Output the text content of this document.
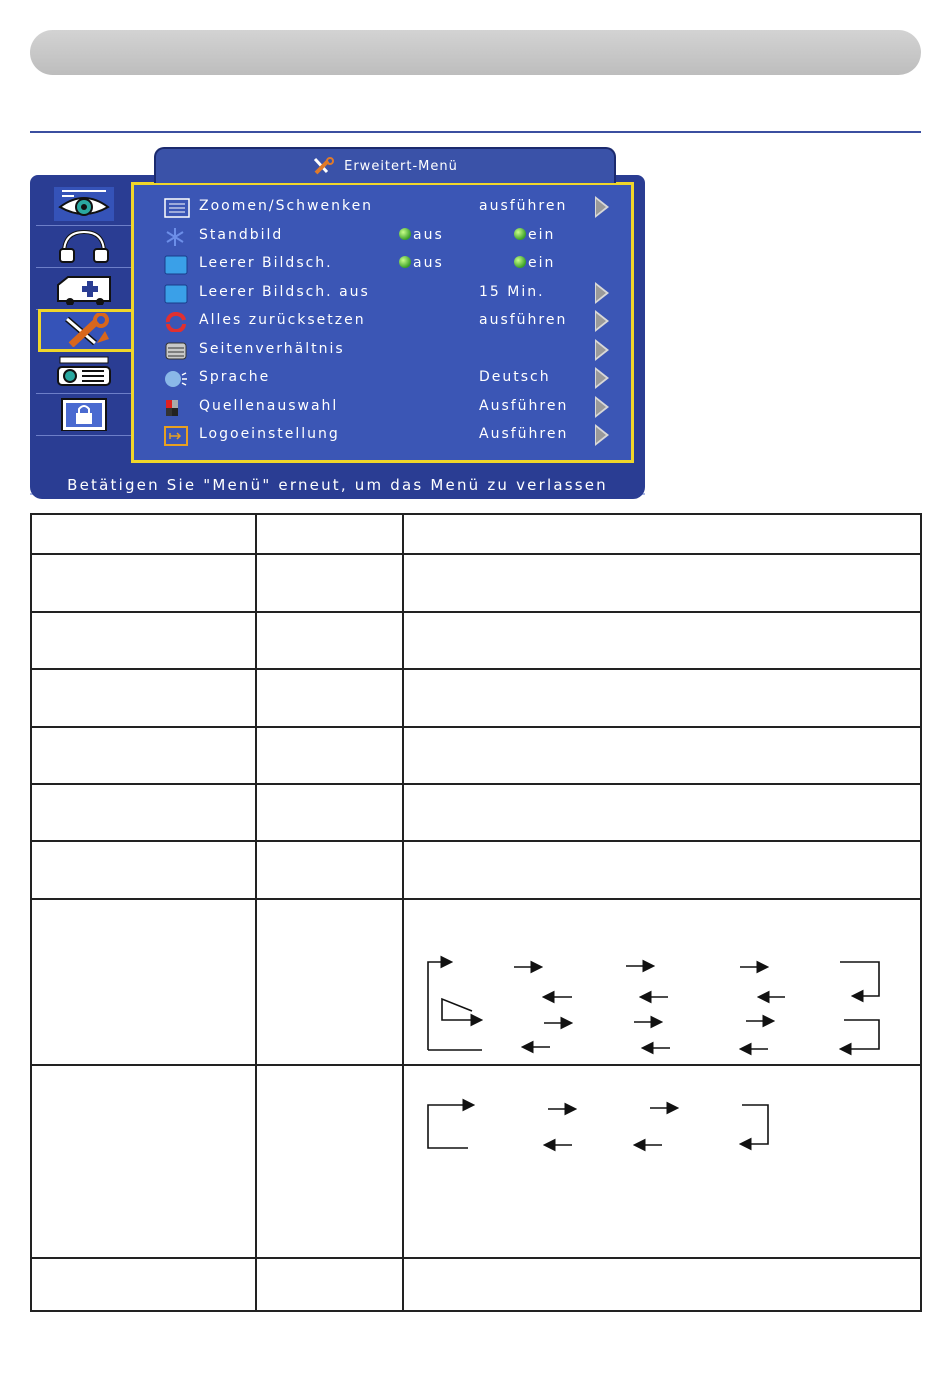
Zoomen/Schwenken	ausführen
Standbild	aus	ein
Leerer Bildsch.	aus	ein
Leerer Bildsch. aus	15 Min.
Alles zurücksetzen	ausführen
Seitenverhältnis
Sprache	Deutsch
Quellenauswahl	Ausführen
Logoeinstellung	Ausführen
Erweitert-Menü
Betätigen Sie "Menü" erneut, um das Menü zu verlassen
